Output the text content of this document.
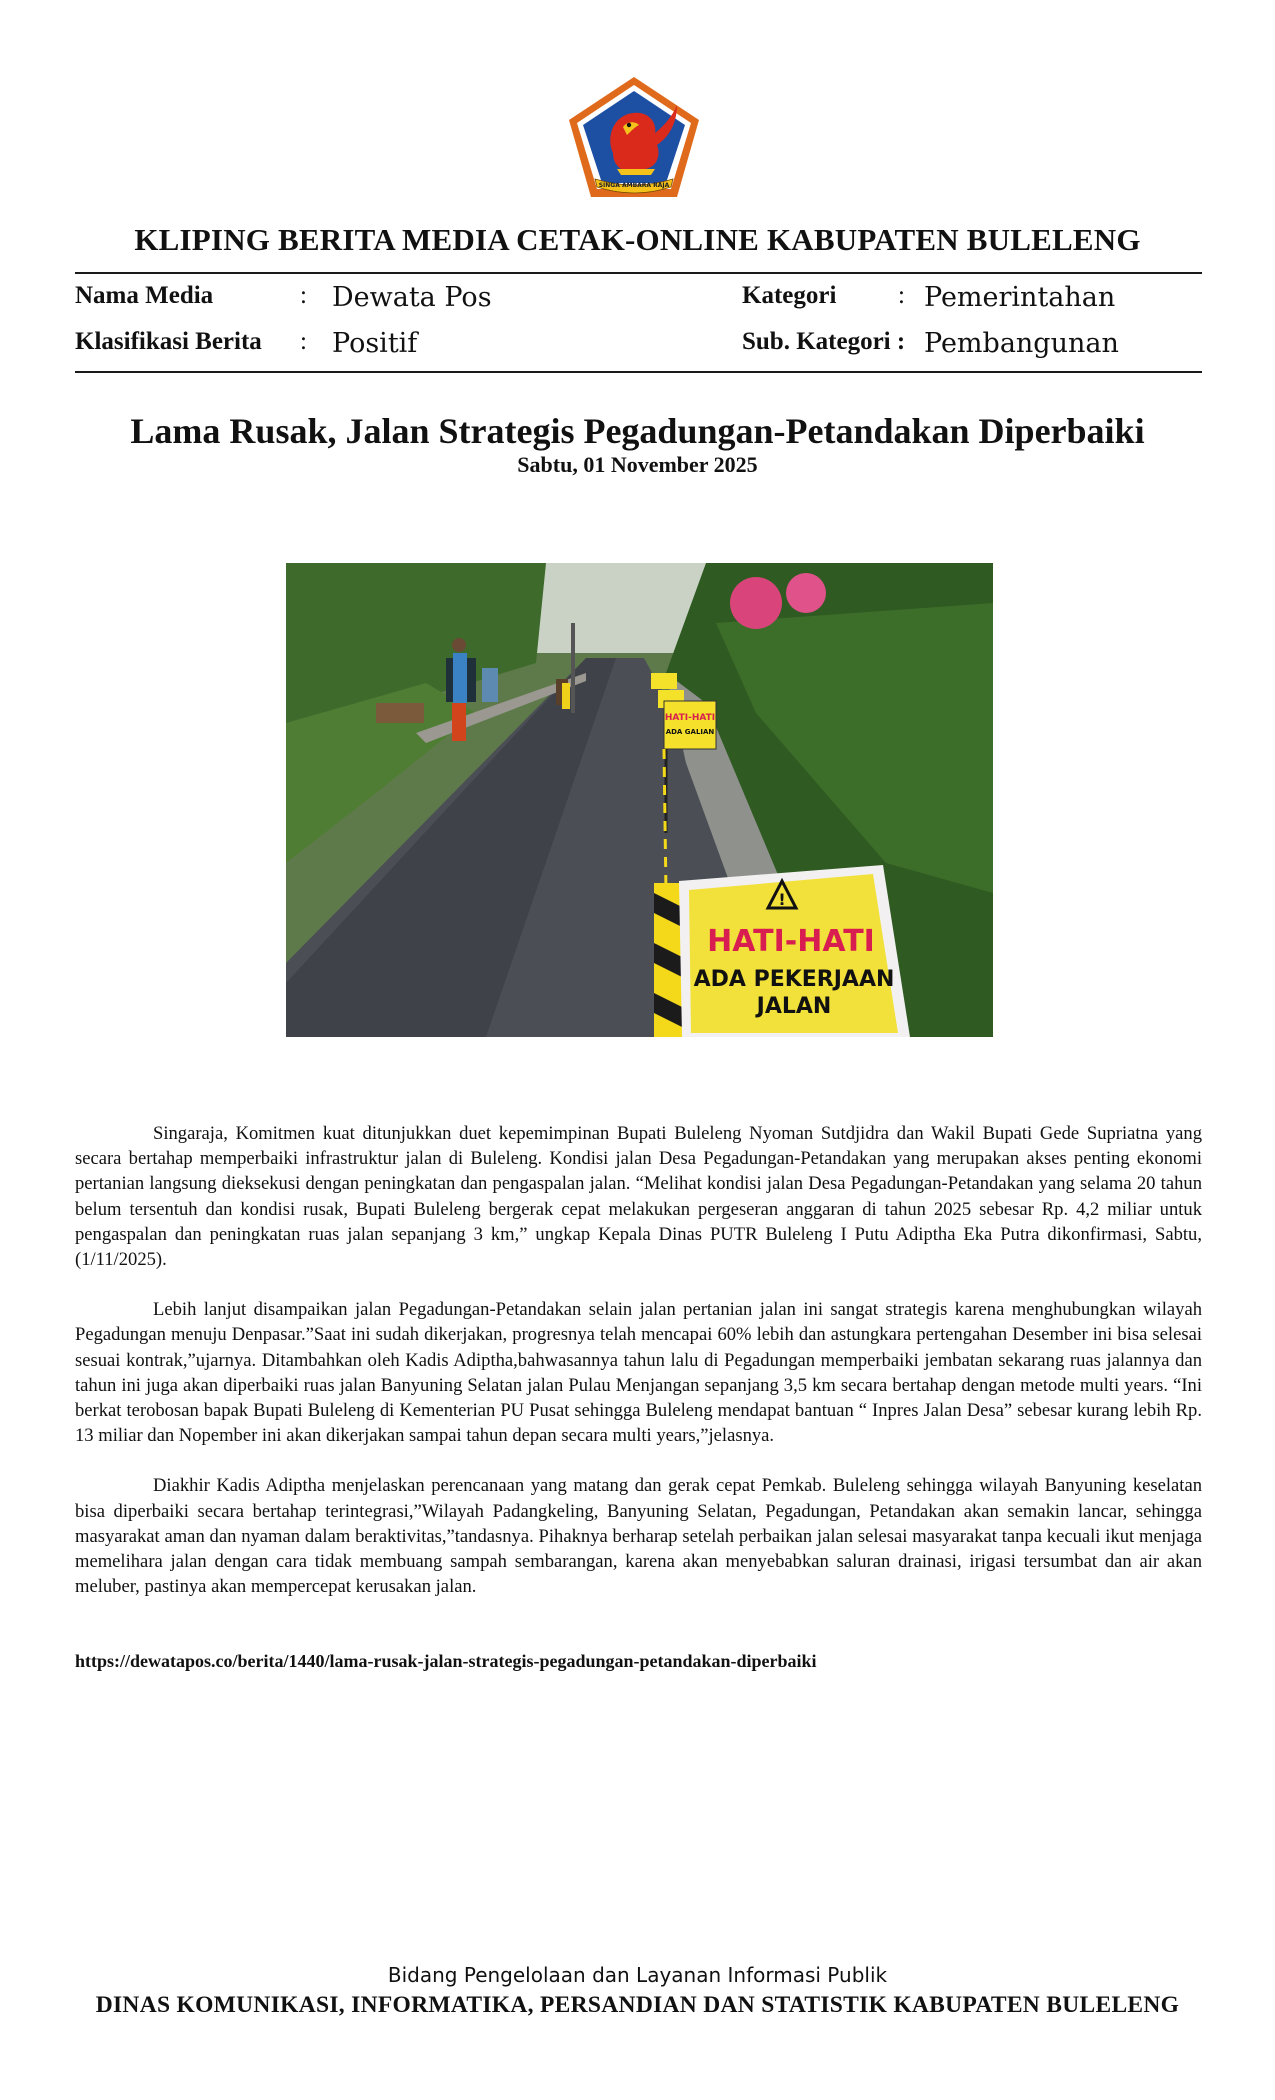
SINGA AMBARA RAJA
KLIPING BERITA MEDIA CETAK-ONLINE KABUPATEN BULELENG
Nama Media	: Dewata Pos
Klasifikasi Berita : Positif
Kategori : Pemerintahan
Sub. Kategori : Pembangunan
Lama Rusak, Jalan Strategis Pegadungan-Petandakan Diperbaiki
Sabtu, 01 November 2025
HATI-HATI
ADA GALIAN
!
HATI-HATI
ADA PEKERJAAN
JALAN

Singaraja, Komitmen kuat ditunjukkan duet kepemimpinan Bupati Buleleng Nyoman Sutdjidra dan Wakil Bupati Gede Supriatna yang secara bertahap memperbaiki infrastruktur jalan di Buleleng. Kondisi jalan Desa Pegadungan-Petandakan yang merupakan akses penting ekonomi pertanian langsung dieksekusi dengan peningkatan dan pengaspalan jalan. “Melihat kondisi jalan Desa Pegadungan-Petandakan yang selama 20 tahun belum tersentuh dan kondisi rusak, Bupati Buleleng bergerak cepat melakukan pergeseran anggaran di tahun 2025 sebesar Rp. 4,2 miliar untuk pengaspalan dan peningkatan ruas jalan sepanjang 3 km,” ungkap Kepala Dinas PUTR Buleleng I Putu Adiptha Eka Putra dikonfirmasi, Sabtu,(1/11/2025).

Lebih lanjut disampaikan jalan Pegadungan-Petandakan selain jalan pertanian jalan ini sangat strategis karena menghubungkan wilayah Pegadungan menuju Denpasar.”Saat ini sudah dikerjakan, progresnya telah mencapai 60% lebih dan astungkara pertengahan Desember ini bisa selesai sesuai kontrak,”ujarnya. Ditambahkan oleh Kadis Adiptha,bahwasannya tahun lalu di Pegadungan memperbaiki jembatan sekarang ruas jalannya dan tahun ini juga akan diperbaiki ruas jalan Banyuning Selatan jalan Pulau Menjangan sepanjang 3,5 km secara bertahap dengan metode multi years. “Ini berkat terobosan bapak Bupati Buleleng di Kementerian PU Pusat sehingga Buleleng mendapat bantuan “ Inpres Jalan Desa” sebesar kurang lebih Rp. 13 miliar dan Nopember ini akan dikerjakan sampai tahun depan secara multi years,”jelasnya.

Diakhir Kadis Adiptha menjelaskan perencanaan yang matang dan gerak cepat Pemkab. Buleleng sehingga wilayah Banyuning keselatan bisa diperbaiki secara bertahap terintegrasi,”Wilayah Padangkeling, Banyuning Selatan, Pegadungan, Petandakan akan semakin lancar, sehingga masyarakat aman dan nyaman dalam beraktivitas,”tandasnya. Pihaknya berharap setelah perbaikan jalan selesai masyarakat tanpa kecuali ikut menjaga memelihara jalan dengan cara tidak membuang sampah sembarangan, karena akan menyebabkan saluran drainasi, irigasi tersumbat dan air akan meluber, pastinya akan mempercepat kerusakan jalan.

https://dewatapos.co/berita/1440/lama-rusak-jalan-strategis-pegadungan-petandakan-diperbaiki
Bidang Pengelolaan dan Layanan Informasi Publik
DINAS KOMUNIKASI, INFORMATIKA, PERSANDIAN DAN STATISTIK KABUPATEN BULELENG
